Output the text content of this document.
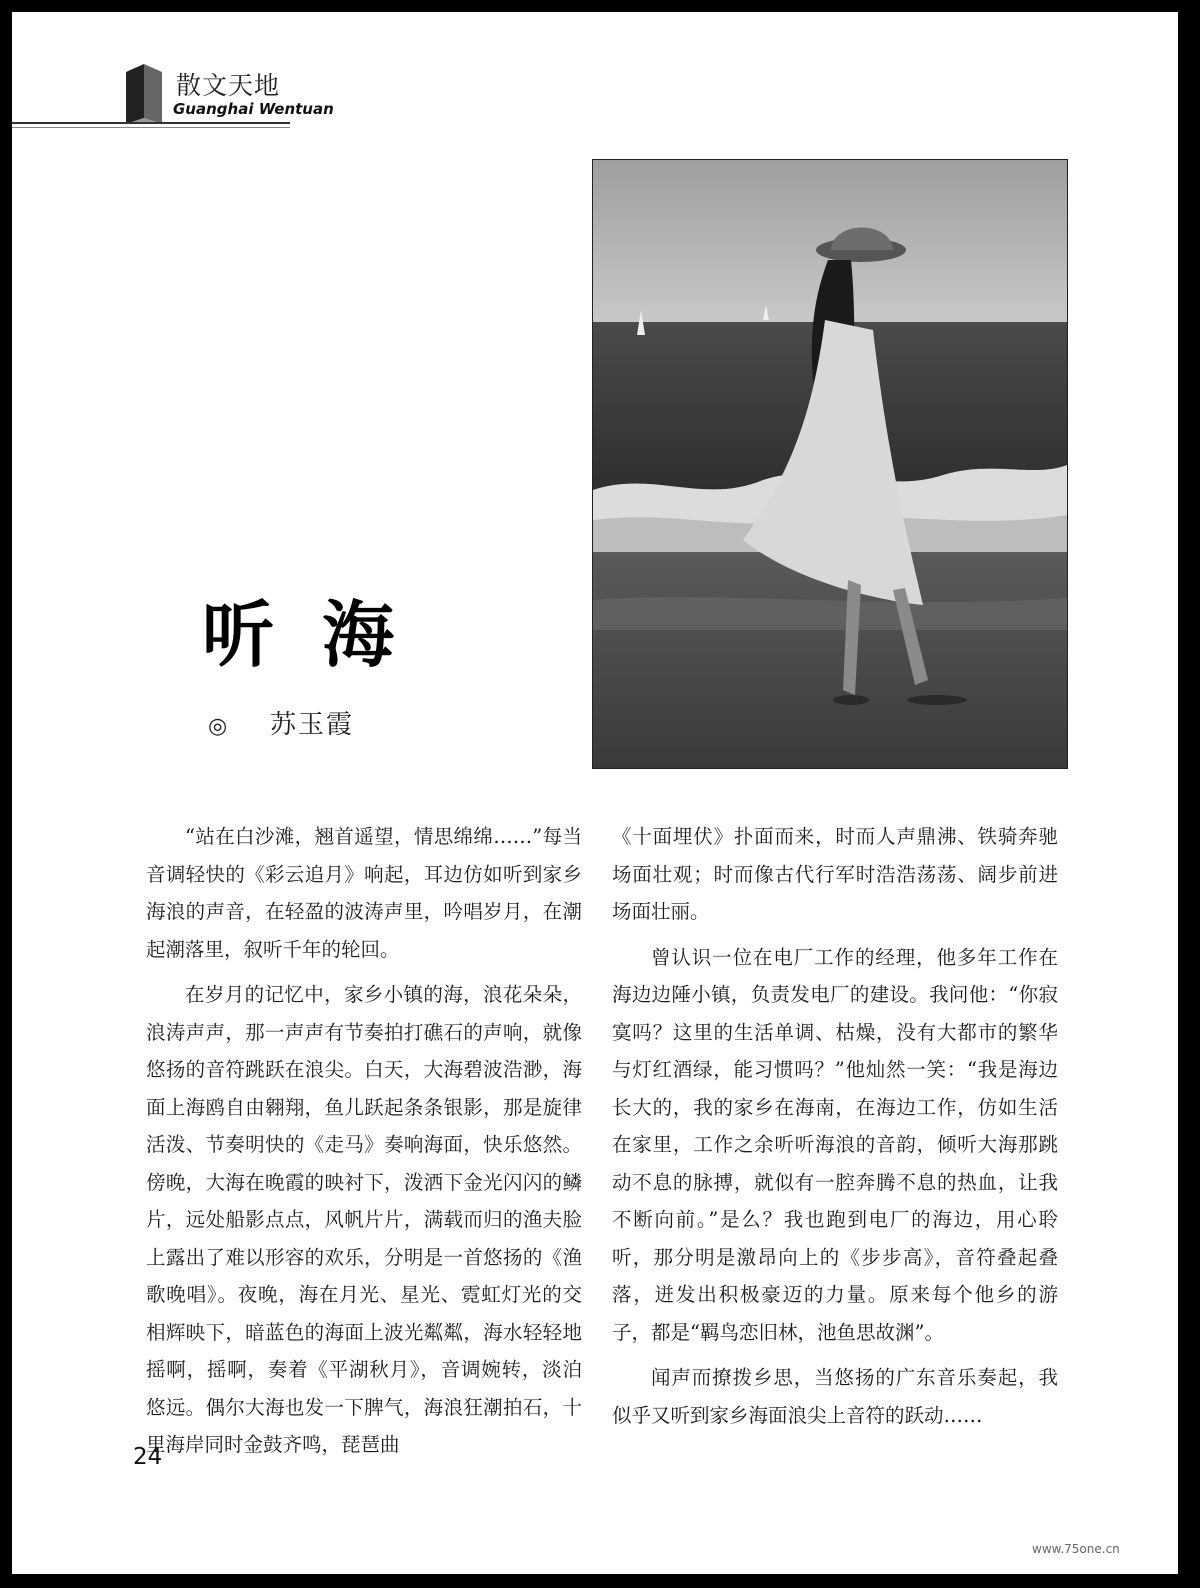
散文天地
Guanghai Wentuan
听海
◎ 苏玉霞

“站在白沙滩，翘首遥望，情思绵绵……”每当音调轻快的《彩云追月》响起，耳边仿如听到家乡海浪的声音，在轻盈的波涛声里，吟唱岁月，在潮起潮落里，叙听千年的轮回。

在岁月的记忆中，家乡小镇的海，浪花朵朵，浪涛声声，那一声声有节奏拍打礁石的声响，就像悠扬的音符跳跃在浪尖。白天，大海碧波浩渺，海面上海鸥自由翱翔，鱼儿跃起条条银影，那是旋律活泼、节奏明快的《走马》奏响海面，快乐悠然。傍晚，大海在晚霞的映衬下，泼洒下金光闪闪的鳞片，远处船影点点，风帆片片，满载而归的渔夫脸上露出了难以形容的欢乐，分明是一首悠扬的《渔歌晚唱》。夜晚，海在月光、星光、霓虹灯光的交相辉映下，暗蓝色的海面上波光粼粼，海水轻轻地摇啊，摇啊，奏着《平湖秋月》，音调婉转，淡泊悠远。偶尔大海也发一下脾气，海浪狂潮拍石，十里海岸同时金鼓齐鸣，琵琶曲

《十面埋伏》扑面而来，时而人声鼎沸、铁骑奔驰场面壮观；时而像古代行军时浩浩荡荡、阔步前进场面壮丽。

曾认识一位在电厂工作的经理，他多年工作在海边边陲小镇，负责发电厂的建设。我问他：“你寂寞吗？这里的生活单调、枯燥，没有大都市的繁华与灯红酒绿，能习惯吗？”他灿然一笑：“我是海边长大的，我的家乡在海南，在海边工作，仿如生活在家里，工作之余听听海浪的音韵，倾听大海那跳动不息的脉搏，就似有一腔奔腾不息的热血，让我不断向前。”是么？我也跑到电厂的海边，用心聆听，那分明是激昂向上的《步步高》，音符叠起叠落，迸发出积极豪迈的力量。原来每个他乡的游子，都是“羁鸟恋旧林，池鱼思故渊”。

闻声而撩拨乡思，当悠扬的广东音乐奏起，我似乎又听到家乡海面浪尖上音符的跃动……

24
www.75one.cn
